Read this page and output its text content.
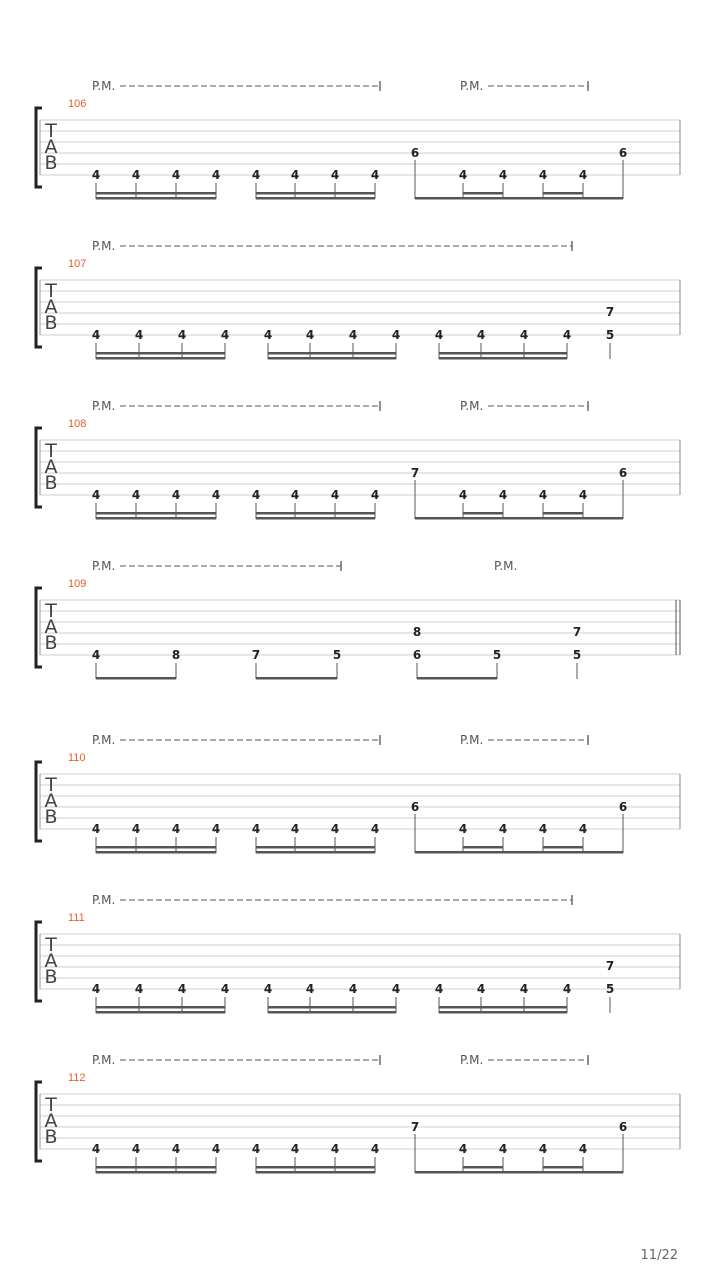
P.M.	P.M.
106
T
A
B
4	4	4	4	4	4	4	4
6
4	4	4	4
6
P.M.
107
T
A
B
4	4	4	4	4	4	4	4	4	4	4	4
7
5
P.M.	P.M.
108
T
A
B
4	4	4	4	4	4	4	4
7
4	4	4	4
6
P.M.	P.M.
109
T
A
B
4	8	7	5
8
6	5
7
5
P.M.	P.M.
110
T
A
B
4	4	4	4	4	4	4	4
6
4	4	4	4
6
P.M.
111
T
A
B
4	4	4	4	4	4	4	4	4	4	4	4
7
5
P.M.	P.M.
112
T
A
B
4	4	4	4	4	4	4	4
7
4	4	4	4
6
11/22
